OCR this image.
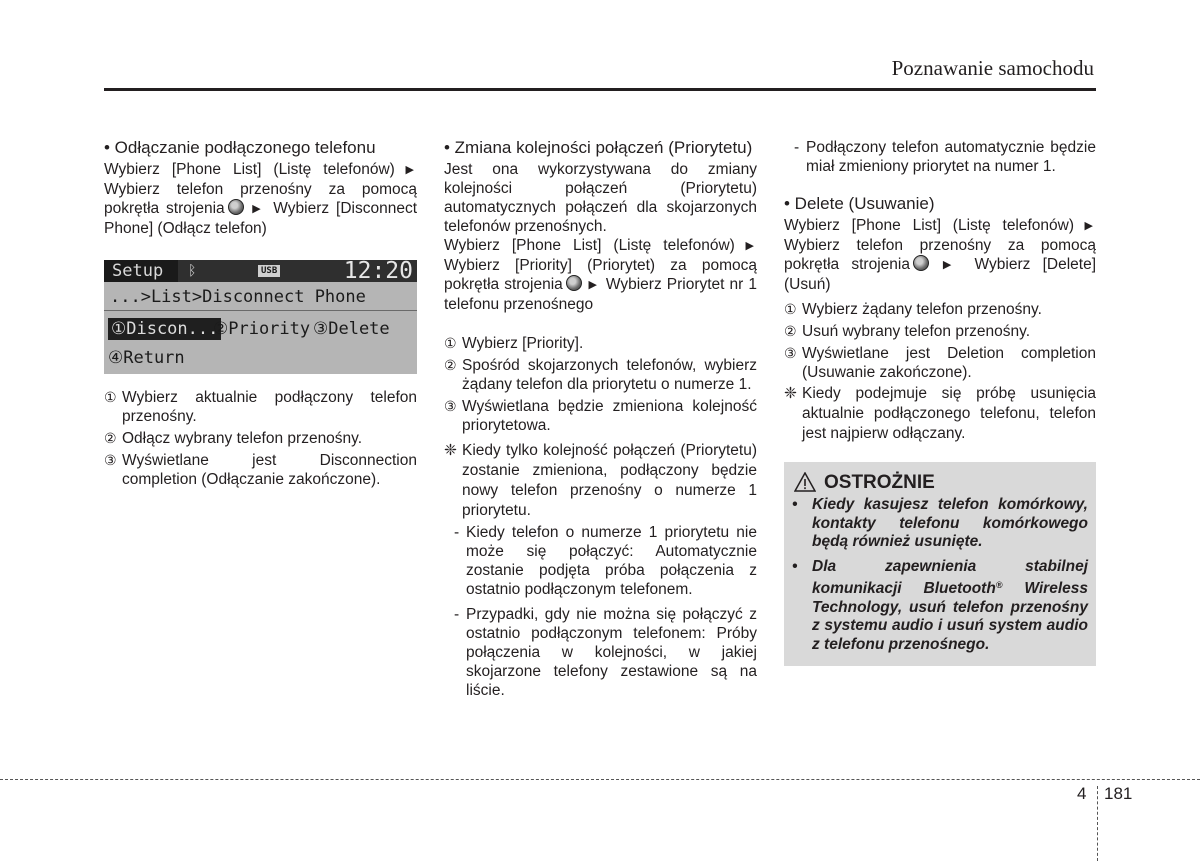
Poznawanie samochodu
• Odłączanie podłączonego telefonu
Wybierz [Phone List] (Listę telefonów) ▶ Wybierz telefon przenośny za pomocą pokrętła strojenia ▶ Wybierz [Disconnect Phone] (Odłącz telefon)
Setup	ᛒ	USB	12:20
...>List>Disconnect Phone
①Discon...
②Priority ③Delete
④Return
① Wybierz aktualnie podłączony telefon przenośny.
② Odłącz wybrany telefon przenośny.
③ Wyświetlane jest Disconnection completion (Odłączanie zakończone).
• Zmiana kolejności połączeń (Priorytetu)
Jest ona wykorzystywana do zmiany kolejności połączeń (Priorytetu) automatycznych połączeń dla skojarzonych telefonów przenośnych.
Wybierz [Phone List] (Listę telefonów) ▶ Wybierz [Priority] (Priorytet) za pomocą pokrętła strojenia ▶ Wybierz Priorytet nr 1 telefonu przenośnego
① Wybierz [Priority].
② Spośród skojarzonych telefonów, wybierz żądany telefon dla priorytetu o numerze 1.
③ Wyświetlana będzie zmieniona kolejność priorytetowa.
❈ Kiedy tylko kolejność połączeń (Priorytetu) zostanie zmieniona, podłączony będzie nowy telefon przenośny o numerze 1 priorytetu.
- Kiedy telefon o numerze 1 priorytetu nie może się połączyć: Automatycznie zostanie podjęta próba połączenia z ostatnio podłączonym telefonem.
- Przypadki, gdy nie można się połączyć z ostatnio podłączonym telefonem: Próby połączenia w kolejności, w jakiej skojarzone telefony zestawione są na liście.
- Podłączony telefon automatycznie będzie miał zmieniony priorytet na numer 1.
• Delete (Usuwanie)
Wybierz [Phone List] (Listę telefonów) ▶ Wybierz telefon przenośny za pomocą pokrętła strojenia ▶ Wybierz [Delete] (Usuń)
① Wybierz żądany telefon przenośny.
② Usuń wybrany telefon przenośny.
③ Wyświetlane jest Deletion completion (Usuwanie zakończone).
❈ Kiedy podejmuje się próbę usunięcia aktualnie podłączonego telefonu, telefon jest najpierw odłączany.
OSTROŻNIE
• Kiedy kasujesz telefon komórkowy, kontakty telefonu komórkowego będą również usunięte.
• Dla zapewnienia stabilnej komunikacji Bluetooth® Wireless Technology, usuń telefon przenośny z systemu audio i usuń system audio z telefonu przenośnego.
4 181
